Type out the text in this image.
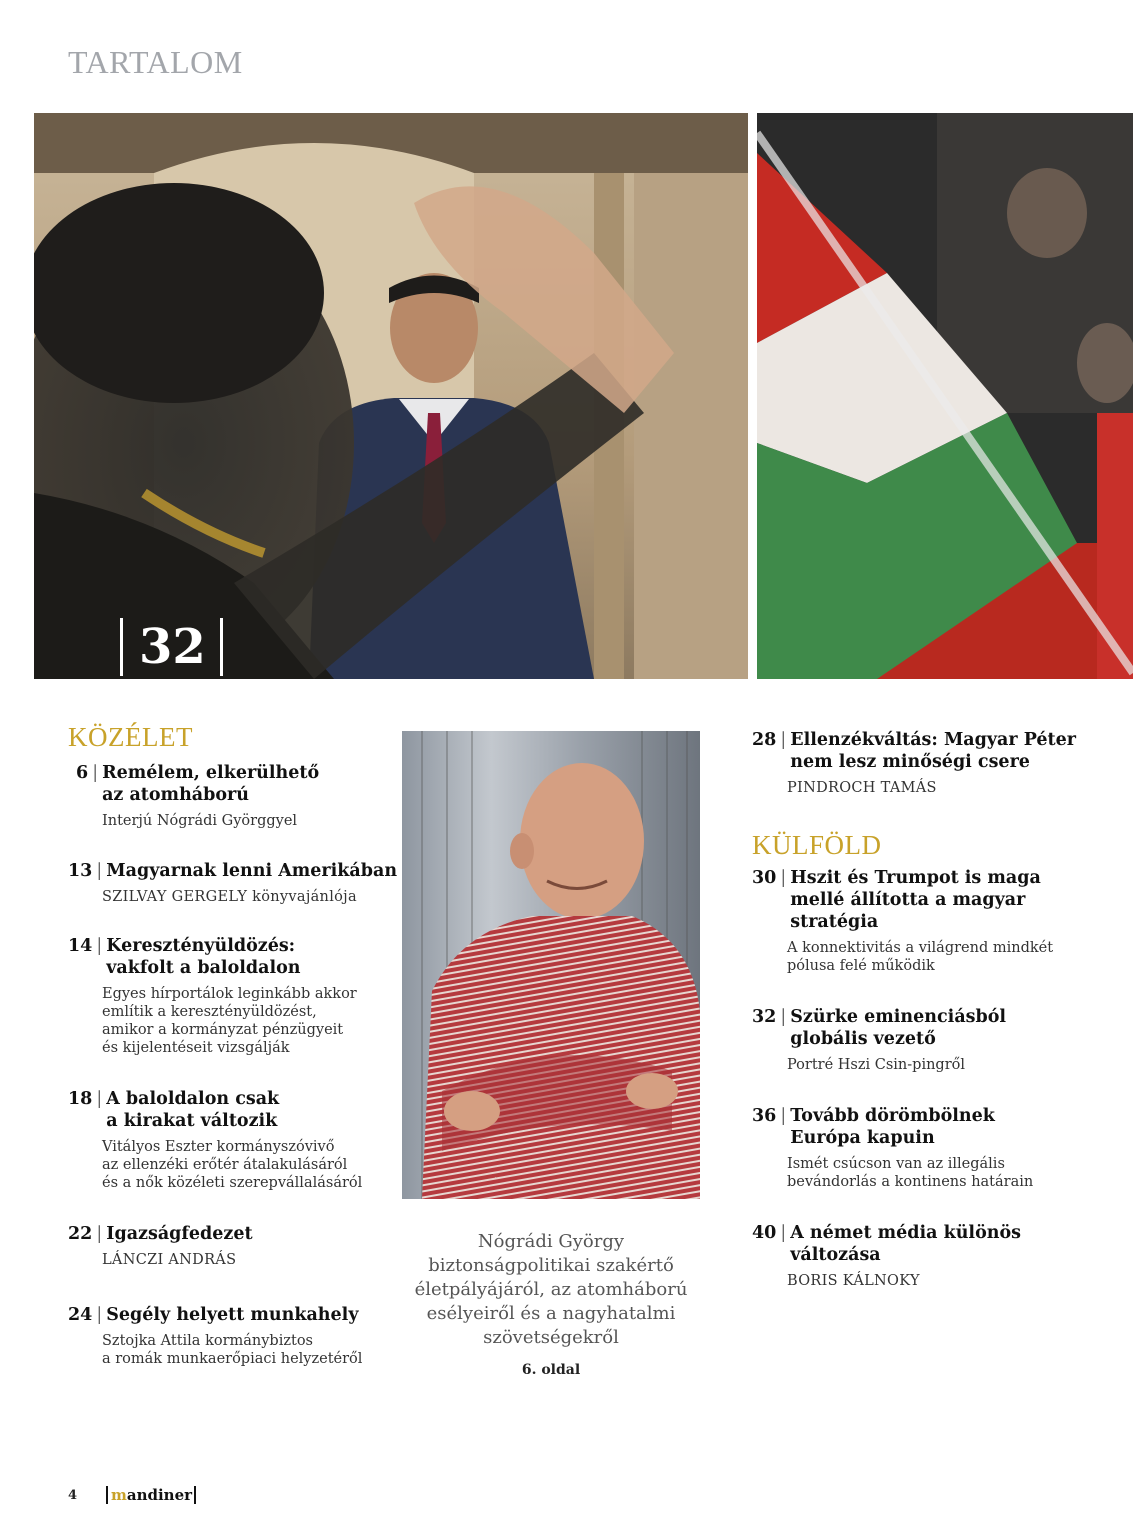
TARTALOM
32
KÖZÉLET
6 | Remélem, elkerülhető
az atomháború
Interjú Nógrádi Györggyel
13 | Magyarnak lenni Amerikában
SZILVAY GERGELY könyvajánlója
14 | Keresztényüldözés:
vakfolt a baloldalon
Egyes hírportálok leginkább akkor
említik a keresztényüldözést,
amikor a kormányzat pénzügyeit
és kijelentéseit vizsgálják
18 | A baloldalon csak
a kirakat változik
Vitályos Eszter kormányszóvivő
az ellenzéki erőtér átalakulásáról
és a nők közéleti szerepvállalásáról
22 | Igazságfedezet
LÁNCZI ANDRÁS
24 | Segély helyett munkahely
Sztojka Attila kormánybiztos
a romák munkaerőpiaci helyzetéről
Nógrádi György
biztonságpolitikai szakértő
életpályájáról, az atomháború
esélyeiről és a nagyhatalmi
szövetségekről
6. oldal
28 | Ellenzékváltás: Magyar Péter
nem lesz minőségi csere
PINDROCH TAMÁS
KÜLFÖLD
30 | Hszit és Trumpot is maga
mellé állította a magyar
stratégia
A konnektivitás a világrend mindkét
pólusa felé működik
32 | Szürke eminenciásból
globális vezető
Portré Hszi Csin-pingről
36 | Tovább dörömbölnek
Európa kapuin
Ismét csúcson van az illegális
bevándorlás a kontinens határain
40 | A német média különös
változása
BORIS KÁLNOKY
4 m andiner
